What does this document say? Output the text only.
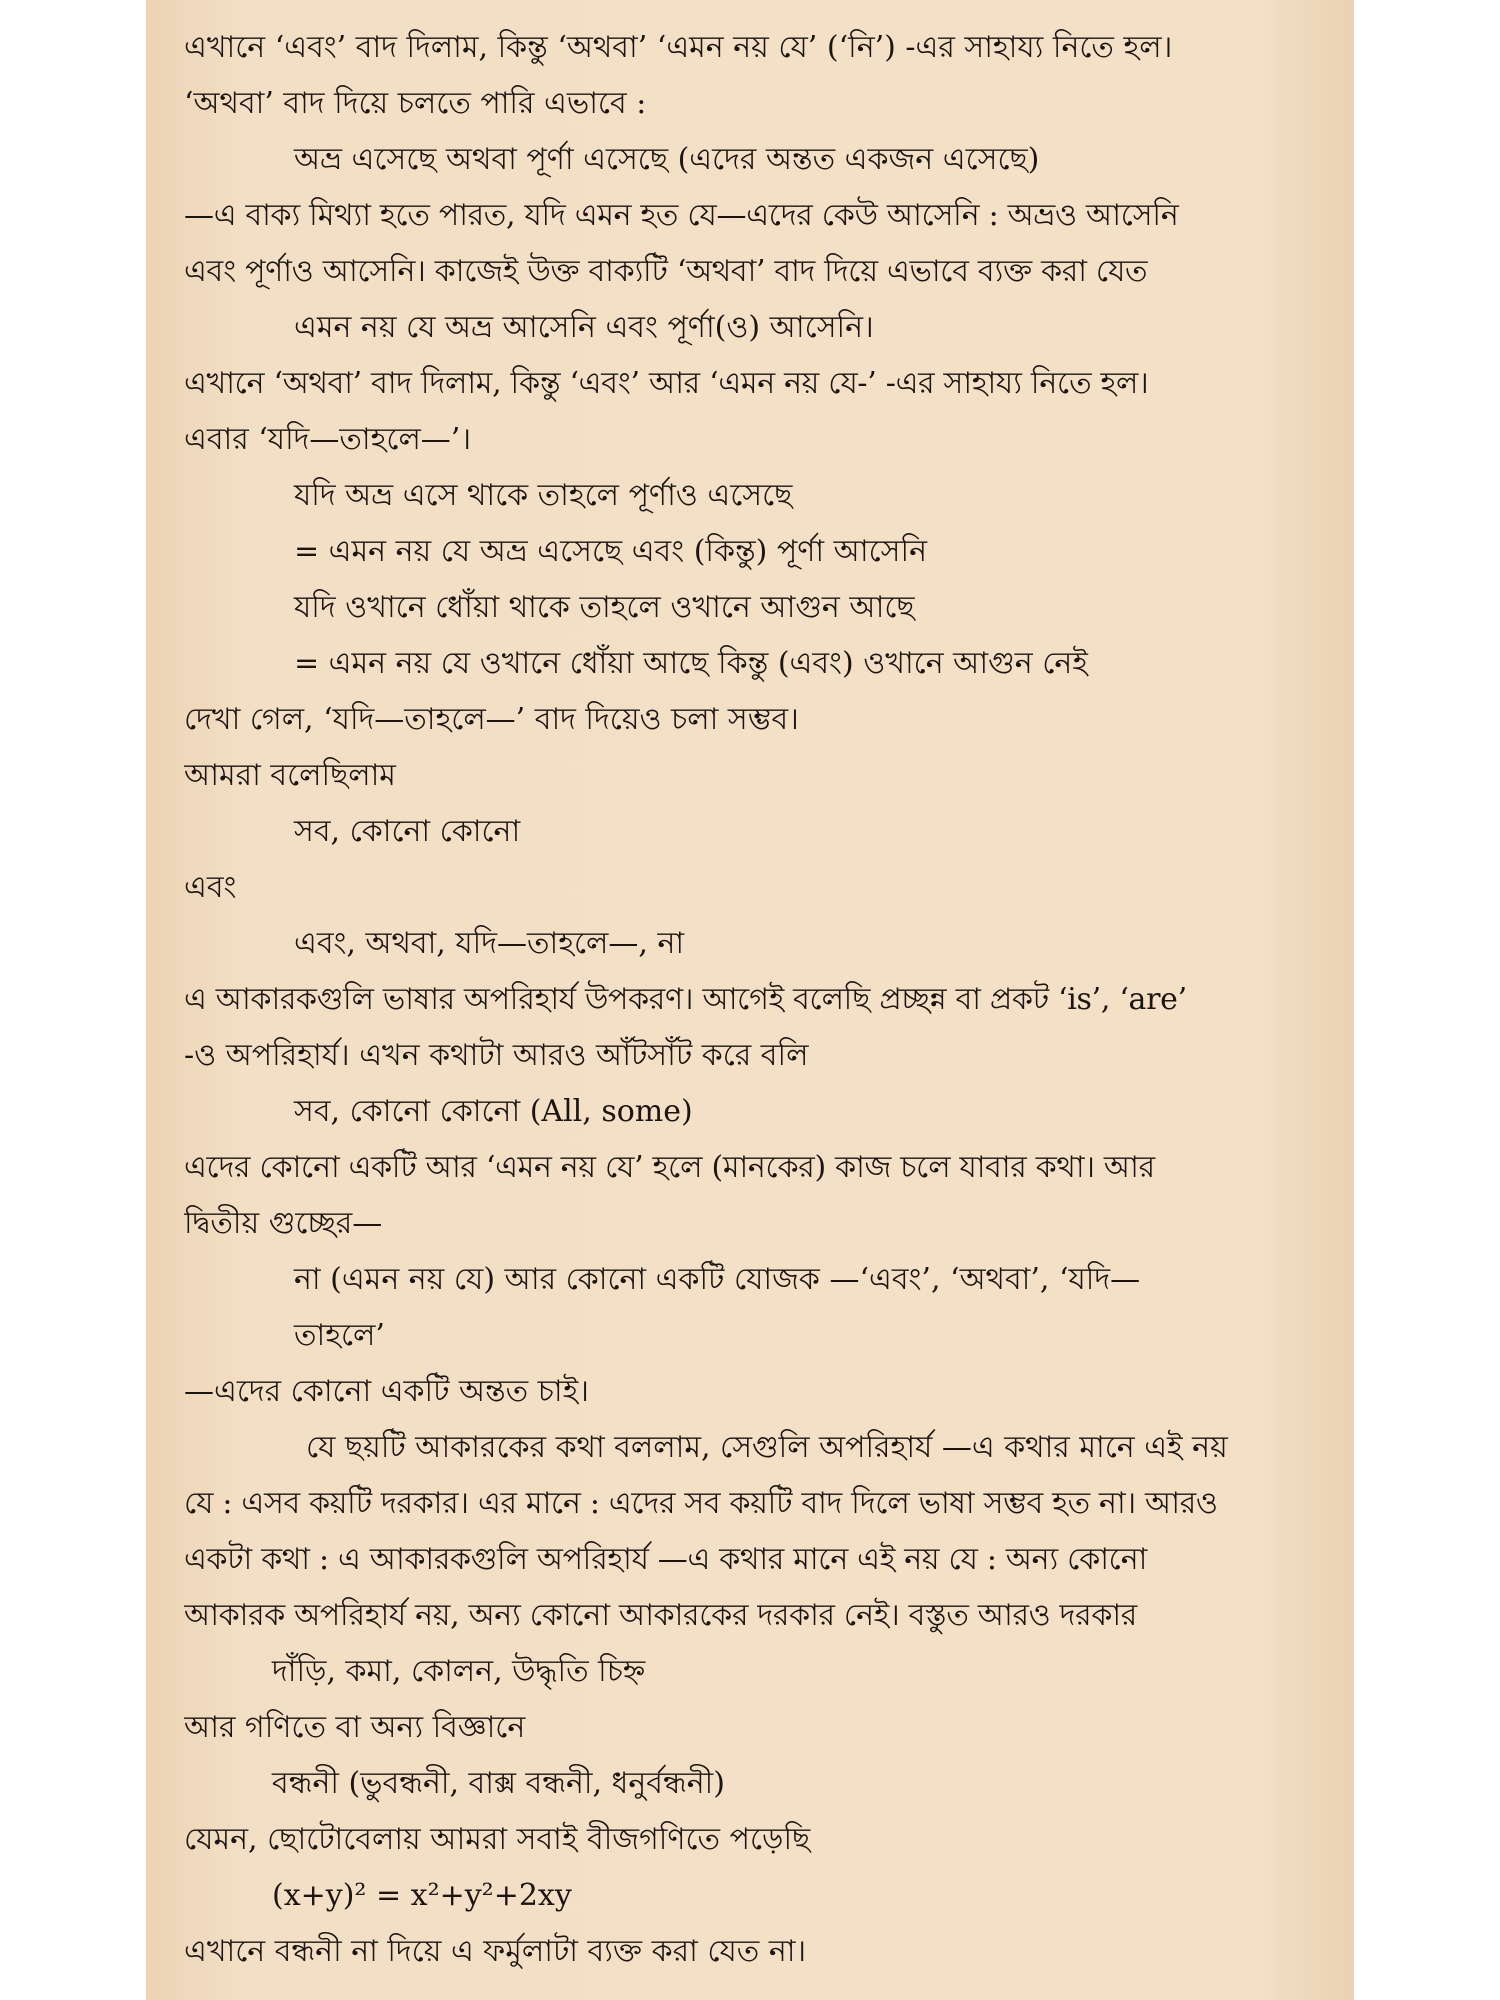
এখানে ‘এবং’ বাদ দিলাম, কিন্তু ‘অথবা’ ‘এমন নয় যে’ (‘নি’) -এর সাহায্য নিতে হল।
‘অথবা’ বাদ দিয়ে চলতে পারি এভাবে :
অভ্র এসেছে অথবা পূর্ণা এসেছে (এদের অন্তত একজন এসেছে)
—এ বাক্য মিথ্যা হতে পারত, যদি এমন হত যে—এদের কেউ আসেনি : অভ্রও আসেনি
এবং পূর্ণাও আসেনি। কাজেই উক্ত বাক্যটি ‘অথবা’ বাদ দিয়ে এভাবে ব্যক্ত করা যেত
এমন নয় যে অভ্র আসেনি এবং পূর্ণা(ও) আসেনি।
এখানে ‘অথবা’ বাদ দিলাম, কিন্তু ‘এবং’ আর ‘এমন নয় যে-’ -এর সাহায্য নিতে হল।
এবার ‘যদি—তাহলে—’।
যদি অভ্র এসে থাকে তাহলে পূর্ণাও এসেছে
= এমন নয় যে অভ্র এসেছে এবং (কিন্তু) পূর্ণা আসেনি
যদি ওখানে ধোঁয়া থাকে তাহলে ওখানে আগুন আছে
= এমন নয় যে ওখানে ধোঁয়া আছে কিন্তু (এবং) ওখানে আগুন নেই
দেখা গেল, ‘যদি—তাহলে—’ বাদ দিয়েও চলা সম্ভব।
আমরা বলেছিলাম
সব, কোনো কোনো
এবং
এবং, অথবা, যদি—তাহলে—, না
এ আকারকগুলি ভাষার অপরিহার্য উপকরণ। আগেই বলেছি প্রচ্ছন্ন বা প্রকট ‘is’, ‘are’
-ও অপরিহার্য। এখন কথাটা আরও আঁটসাঁট করে বলি
সব, কোনো কোনো (All, some)
এদের কোনো একটি আর ‘এমন নয় যে’ হলে (মানকের) কাজ চলে যাবার কথা। আর
দ্বিতীয় গুচ্ছের—
না (এমন নয় যে) আর কোনো একটি যোজক —‘এবং’, ‘অথবা’, ‘যদি—
তাহলে’
—এদের কোনো একটি অন্তত চাই।
যে ছয়টি আকারকের কথা বললাম, সেগুলি অপরিহার্য —এ কথার মানে এই নয়
যে : এসব কয়টি দরকার। এর মানে : এদের সব কয়টি বাদ দিলে ভাষা সম্ভব হত না। আরও
একটা কথা : এ আকারকগুলি অপরিহার্য —এ কথার মানে এই নয় যে : অন্য কোনো
আকারক অপরিহার্য নয়, অন্য কোনো আকারকের দরকার নেই। বস্তুত আরও দরকার
দাঁড়ি, কমা, কোলন, উদ্ধৃতি চিহ্ন
আর গণিতে বা অন্য বিজ্ঞানে
বন্ধনী (ভুবন্ধনী, বাক্স বন্ধনী, ধনুর্বন্ধনী)
যেমন, ছোটোবেলায় আমরা সবাই বীজগণিতে পড়েছি
(x+y)² = x²+y²+2xy
এখানে বন্ধনী না দিয়ে এ ফর্মুলাটা ব্যক্ত করা যেত না।
